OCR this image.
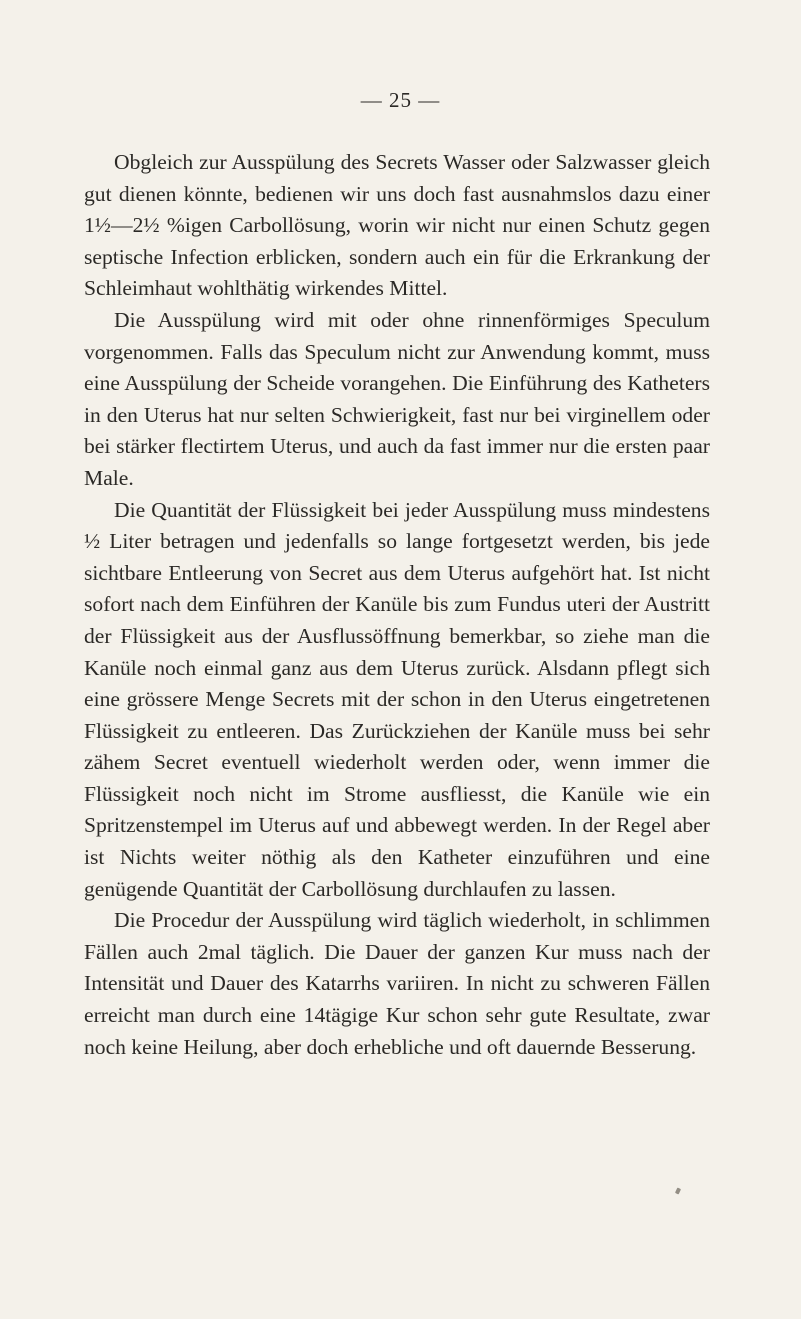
— 25 —

Obgleich zur Ausspülung des Secrets Wasser oder Salzwasser gleich gut dienen könnte, bedienen wir uns doch fast ausnahmslos dazu einer 1½—2½ %igen Carbollösung, worin wir nicht nur einen Schutz gegen septische Infection erblicken, sondern auch ein für die Erkrankung der Schleimhaut wohlthätig wirkendes Mittel.

Die Ausspülung wird mit oder ohne rinnenförmiges Speculum vorgenommen. Falls das Speculum nicht zur Anwendung kommt, muss eine Ausspülung der Scheide vorangehen. Die Einführung des Katheters in den Uterus hat nur selten Schwierigkeit, fast nur bei virginellem oder bei stärker flectirtem Uterus, und auch da fast immer nur die ersten paar Male.

Die Quantität der Flüssigkeit bei jeder Ausspülung muss mindestens ½ Liter betragen und jedenfalls so lange fortgesetzt werden, bis jede sichtbare Entleerung von Secret aus dem Uterus aufgehört hat. Ist nicht sofort nach dem Einführen der Kanüle bis zum Fundus uteri der Austritt der Flüssigkeit aus der Ausflussöffnung bemerkbar, so ziehe man die Kanüle noch einmal ganz aus dem Uterus zurück. Alsdann pflegt sich eine grössere Menge Secrets mit der schon in den Uterus eingetretenen Flüssigkeit zu entleeren. Das Zurückziehen der Kanüle muss bei sehr zähem Secret eventuell wiederholt werden oder, wenn immer die Flüssigkeit noch nicht im Strome ausfliesst, die Kanüle wie ein Spritzenstempel im Uterus auf und abbewegt werden. In der Regel aber ist Nichts weiter nöthig als den Katheter einzuführen und eine genügende Quantität der Carbollösung durchlaufen zu lassen.

Die Procedur der Ausspülung wird täglich wiederholt, in schlimmen Fällen auch 2mal täglich. Die Dauer der ganzen Kur muss nach der Intensität und Dauer des Katarrhs variiren. In nicht zu schweren Fällen erreicht man durch eine 14tägige Kur schon sehr gute Resultate, zwar noch keine Heilung, aber doch erhebliche und oft dauernde Besserung.
